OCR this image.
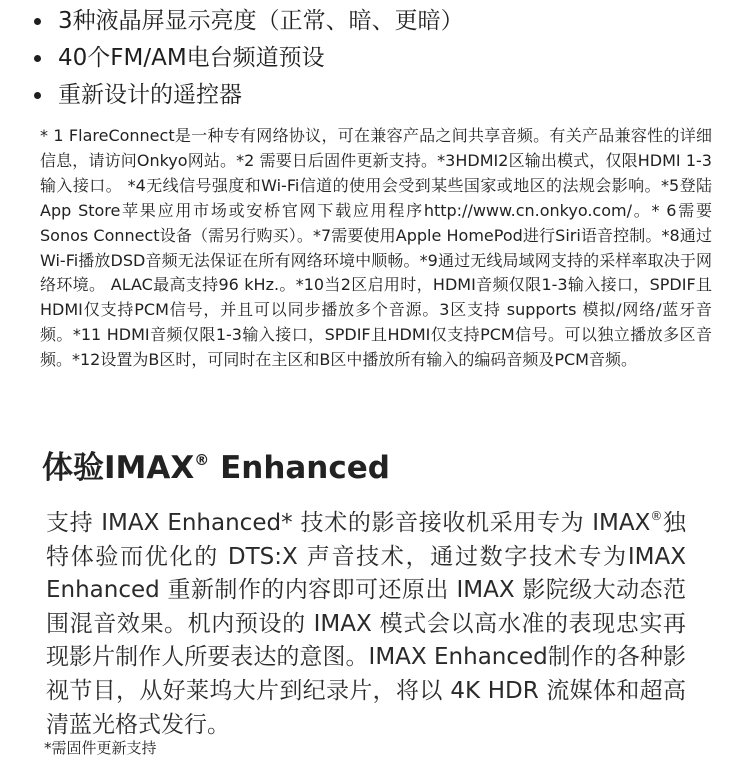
3种液晶屏显示亮度（正常、暗、更暗）
40个FM/AM电台频道预设
重新设计的遥控器

* 1 FlareConnect是一种专有网络协议，可在兼容产品之间共享音频。有关产品兼容性的详细信息，请访问Onkyo网站。*2 需要日后固件更新支持。*3HDMI2区输出模式，仅限HDMI 1-3输入接口。 *4无线信号强度和Wi-Fi信道的使用会受到某些国家或地区的法规会影响。*5登陆App Store苹果应用市场或安桥官网下载应用程序http://www.cn.onkyo.com/。* 6需要Sonos Connect设备（需另行购买）。*7需要使用Apple HomePod进行Siri语音控制。*8通过Wi-Fi播放DSD音频无法保证在所有网络环境中顺畅。*9通过无线局域网支持的采样率取决于网络环境。 ALAC最高支持96 kHz.。*10当2区启用时，HDMI音频仅限1-3输入接口，SPDIF且HDMI仅支持PCM信号，并且可以同步播放多个音源。3区支持 supports 模拟/网络/蓝牙音频。*11 HDMI音频仅限1-3输入接口，SPDIF且HDMI仅支持PCM信号。可以独立播放多区音频。*12设置为B区时，可同时在主区和B区中播放所有输入的编码音频及PCM音频。

体验IMAX® Enhanced

支持 IMAX Enhanced* 技术的影音接收机采用专为 IMAX®独特体验而优化的 DTS:X 声音技术，通过数字技术专为IMAX Enhanced 重新制作的内容即可还原出 IMAX 影院级大动态范围混音效果。机内预设的 IMAX 模式会以高水准的表现忠实再现影片制作人所要表达的意图。IMAX Enhanced制作的各种影视节目，从好莱坞大片到纪录片，将以 4K HDR 流媒体和超高清蓝光格式发行。

*需固件更新支持
